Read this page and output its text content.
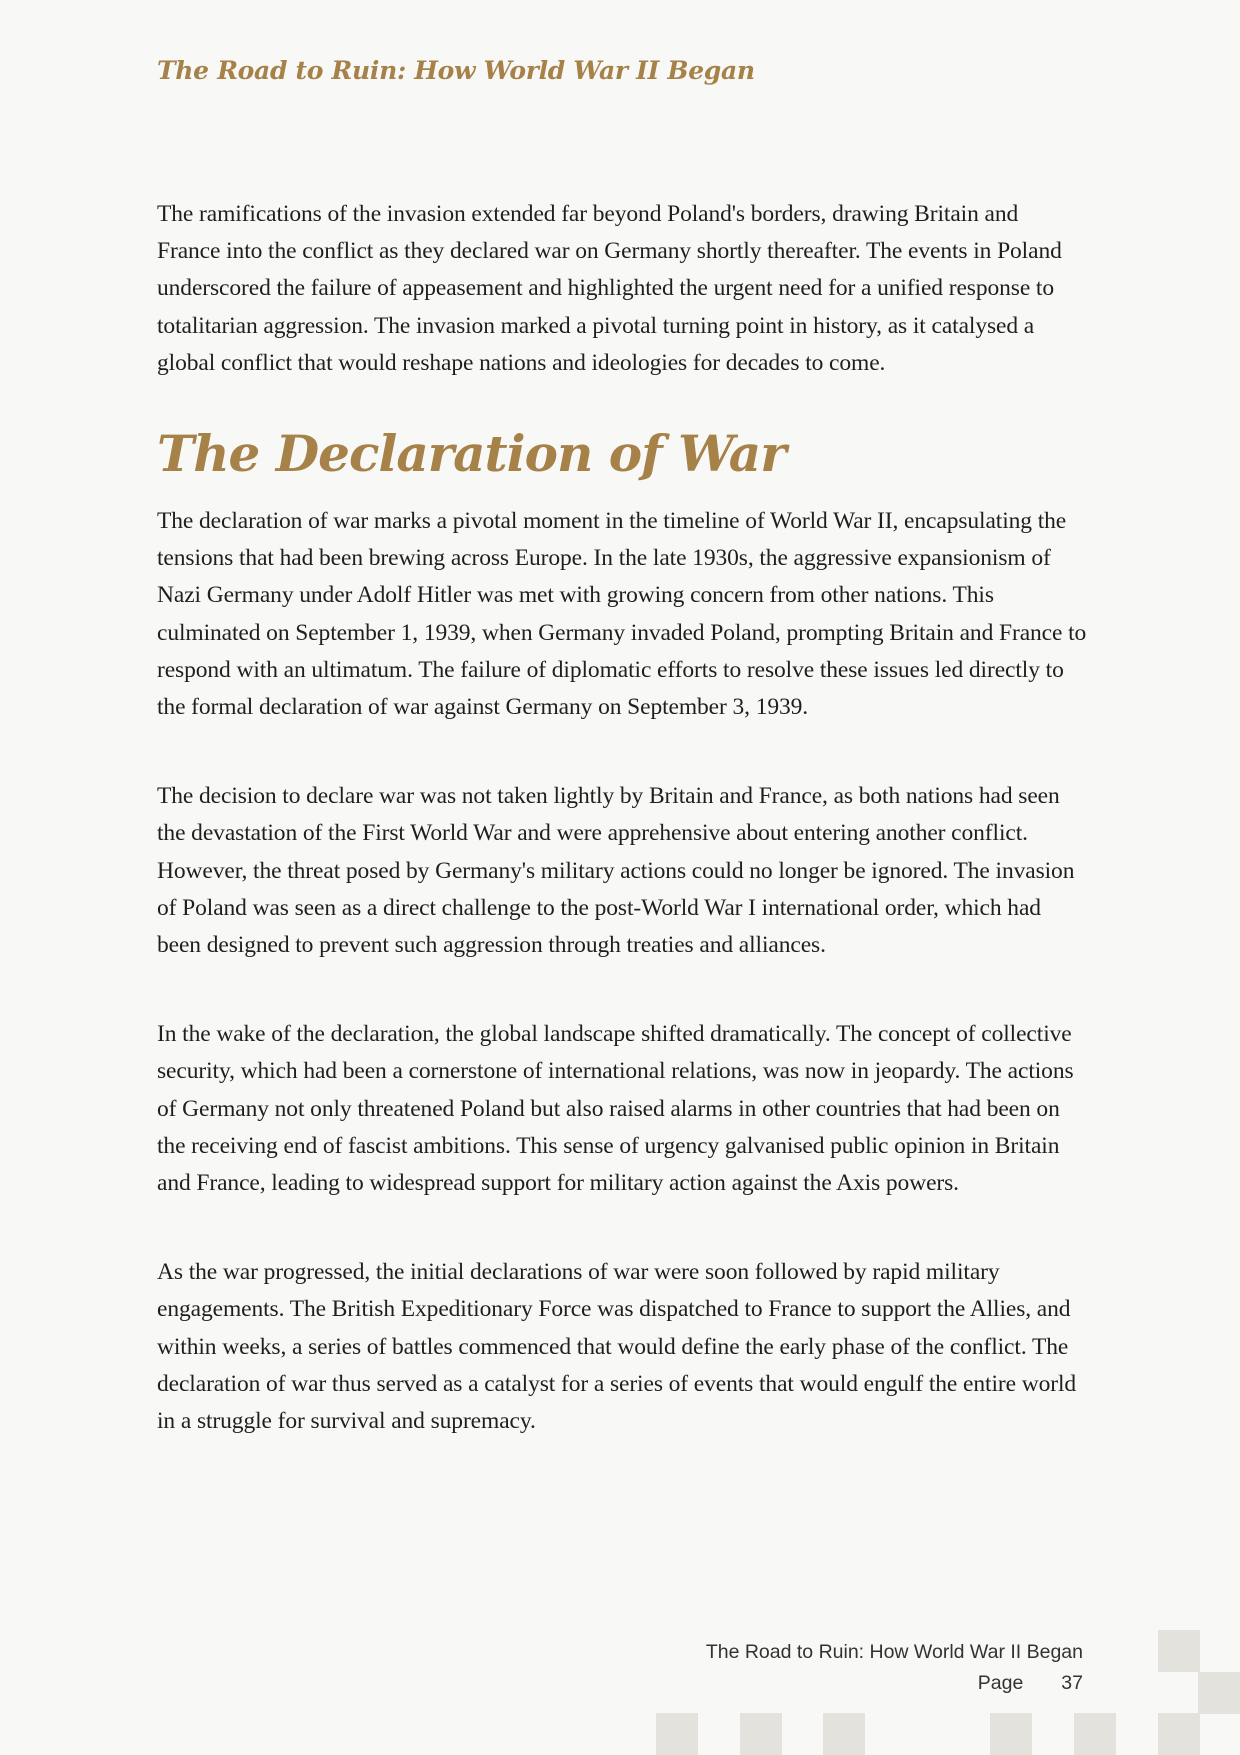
The Road to Ruin: How World War II Began

The ramifications of the invasion extended far beyond Poland's borders, drawing Britain and France into the conflict as they declared war on Germany shortly thereafter. The events in Poland underscored the failure of appeasement and highlighted the urgent need for a unified response to totalitarian aggression. The invasion marked a pivotal turning point in history, as it catalysed a global conflict that would reshape nations and ideologies for decades to come.

The Declaration of War

The declaration of war marks a pivotal moment in the timeline of World War II, encapsulating the tensions that had been brewing across Europe. In the late 1930s, the aggressive expansionism of Nazi Germany under Adolf Hitler was met with growing concern from other nations. This culminated on September 1, 1939, when Germany invaded Poland, prompting Britain and France to respond with an ultimatum. The failure of diplomatic efforts to resolve these issues led directly to the formal declaration of war against Germany on September 3, 1939.

The decision to declare war was not taken lightly by Britain and France, as both nations had seen the devastation of the First World War and were apprehensive about entering another conflict. However, the threat posed by Germany's military actions could no longer be ignored. The invasion of Poland was seen as a direct challenge to the post-World War I international order, which had been designed to prevent such aggression through treaties and alliances.

In the wake of the declaration, the global landscape shifted dramatically. The concept of collective security, which had been a cornerstone of international relations, was now in jeopardy. The actions of Germany not only threatened Poland but also raised alarms in other countries that had been on the receiving end of fascist ambitions. This sense of urgency galvanised public opinion in Britain and France, leading to widespread support for military action against the Axis powers.

As the war progressed, the initial declarations of war were soon followed by rapid military engagements. The British Expeditionary Force was dispatched to France to support the Allies, and within weeks, a series of battles commenced that would define the early phase of the conflict. The declaration of war thus served as a catalyst for a series of events that would engulf the entire world in a struggle for survival and supremacy.

The Road to Ruin: How World War II Began
Page 37
